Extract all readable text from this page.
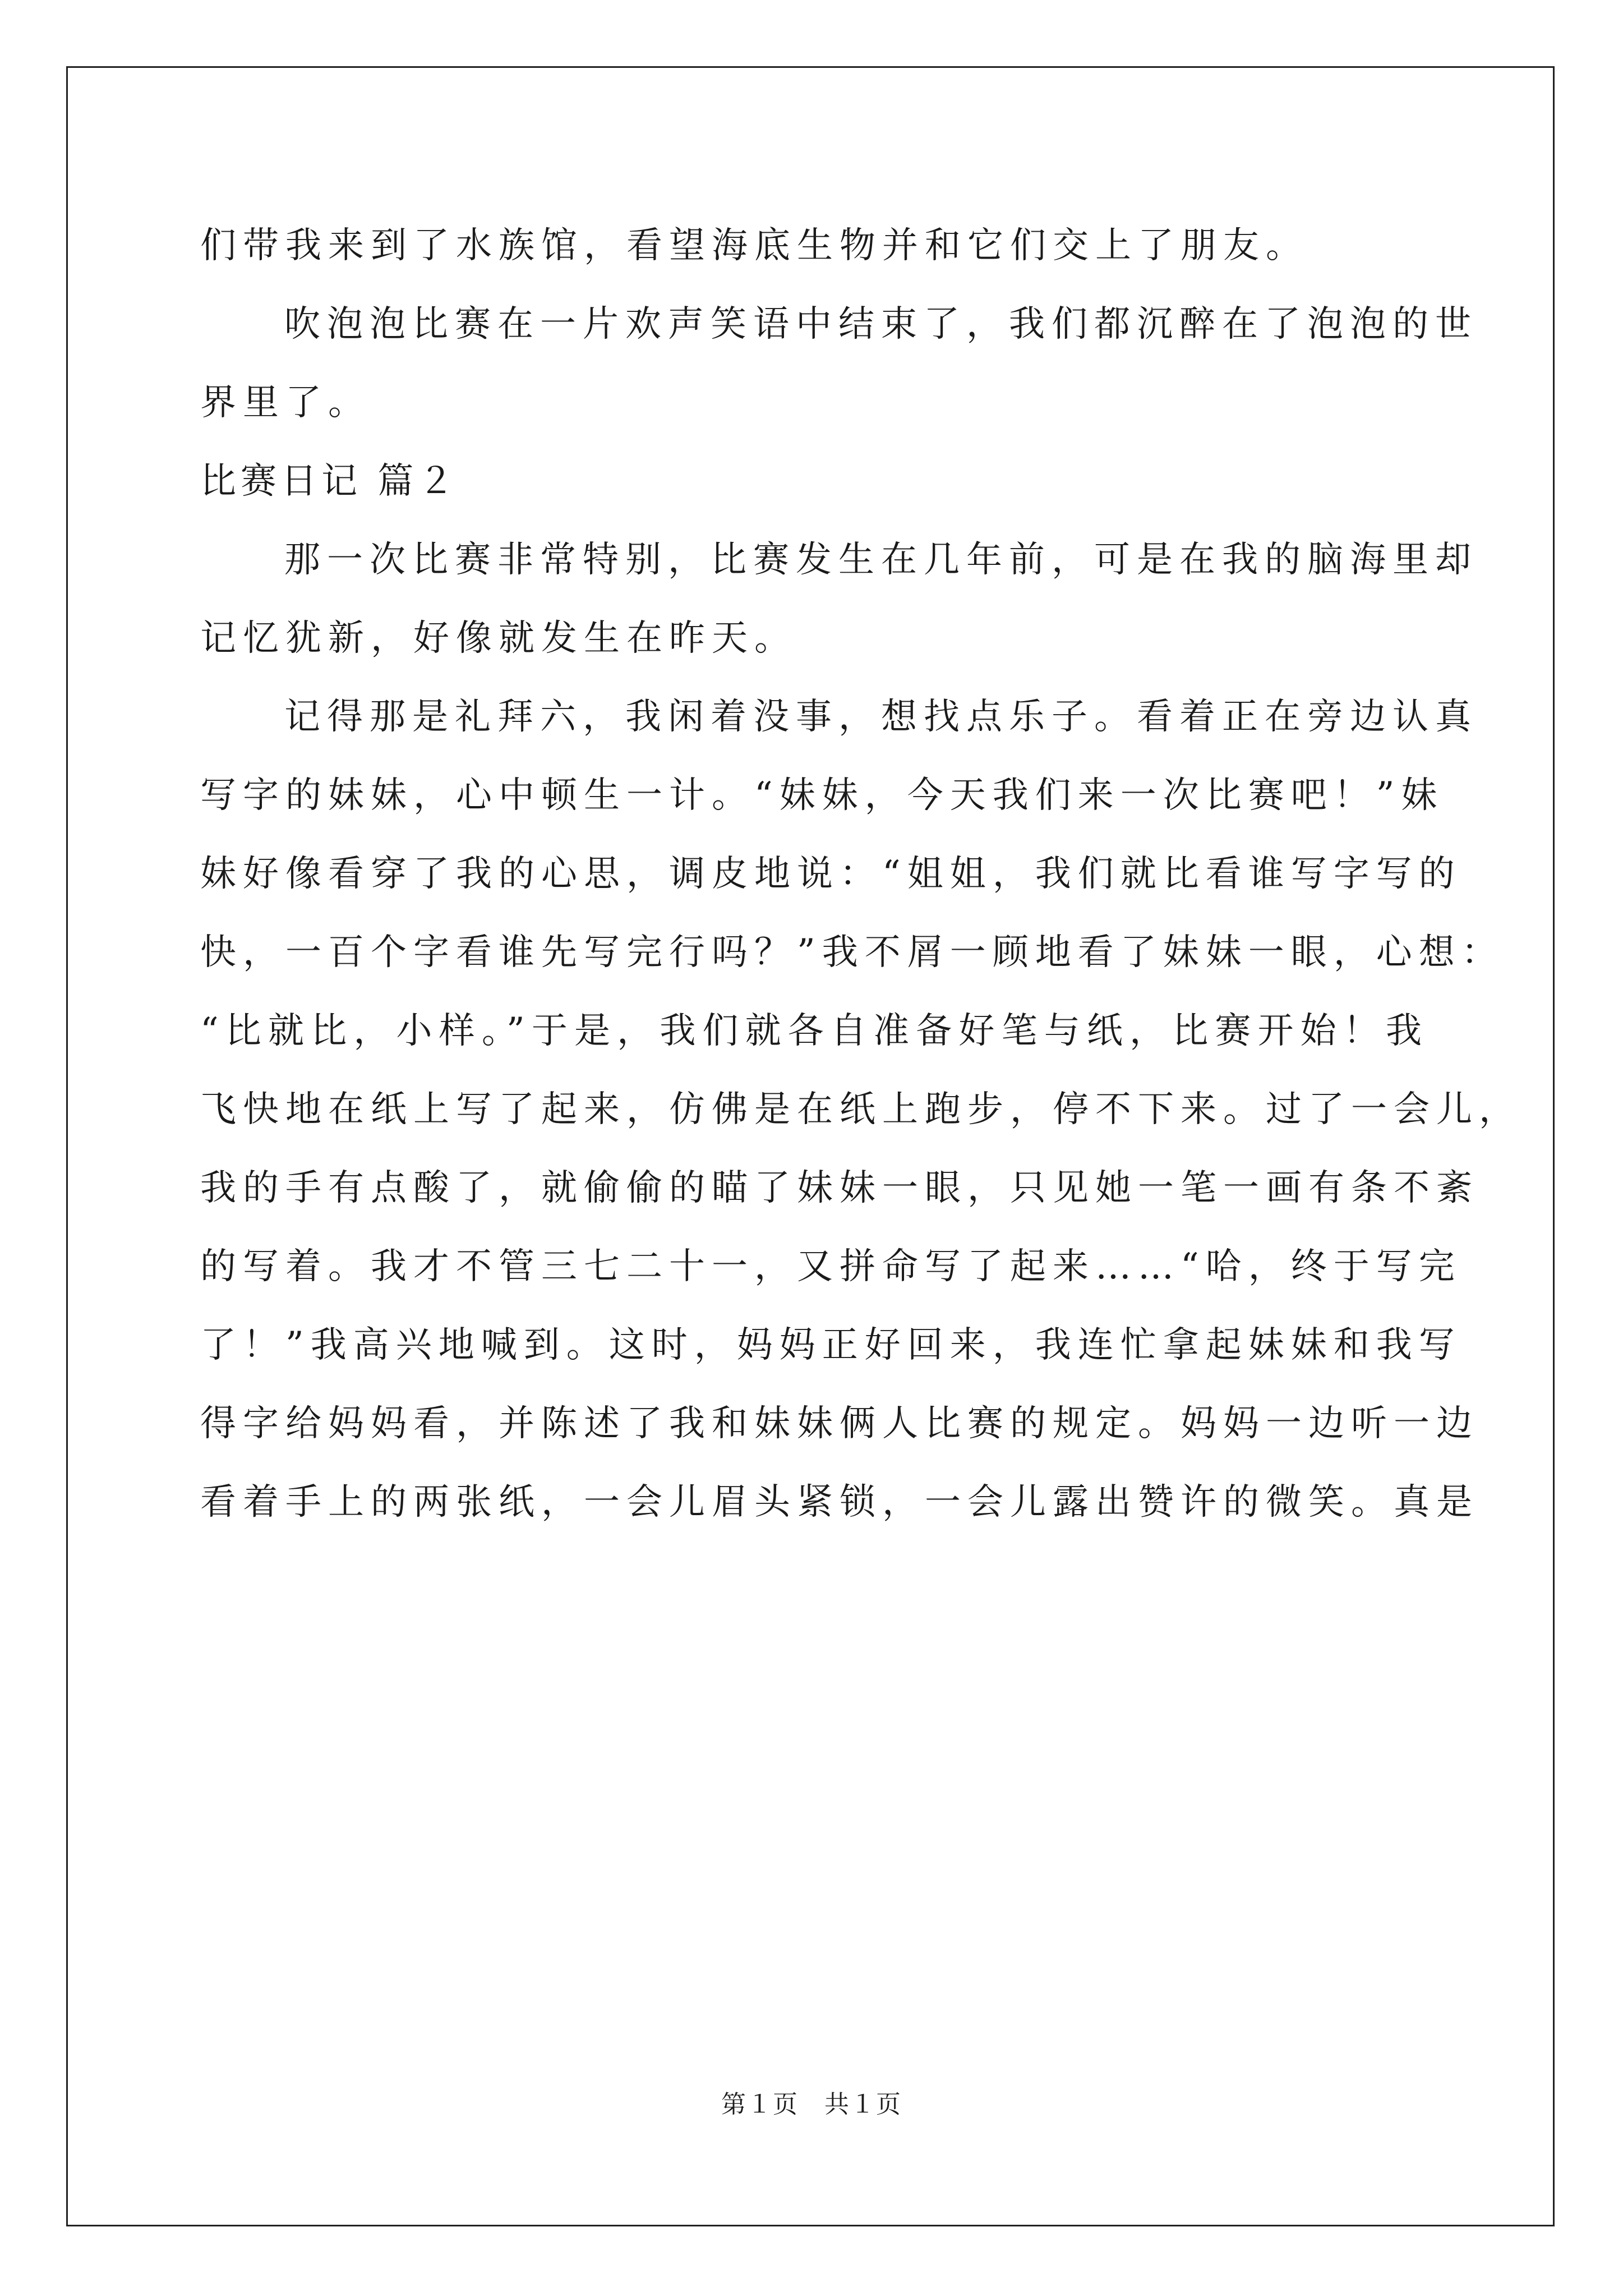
们带我来到了水族馆，看望海底生物并和它们交上了朋友。
吹泡泡比赛在一片欢声笑语中结束了，我们都沉醉在了泡泡的世
界里了。
比赛日记 篇２
那一次比赛非常特别，比赛发生在几年前，可是在我的脑海里却
记忆犹新，好像就发生在昨天。
记得那是礼拜六，我闲着没事，想找点乐子。看着正在旁边认真
写字的妹妹，心中顿生一计。“妹妹，今天我们来一次比赛吧！”妹
妹好像看穿了我的心思，调皮地说：“姐姐，我们就比看谁写字写的
快，一百个字看谁先写完行吗？”我不屑一顾地看了妹妹一眼，心想：
“比就比，小样。”于是，我们就各自准备好笔与纸，比赛开始！我
飞快地在纸上写了起来，仿佛是在纸上跑步，停不下来。过了一会儿，
我的手有点酸了，就偷偷的瞄了妹妹一眼，只见她一笔一画有条不紊
的写着。我才不管三七二十一，又拼命写了起来……“哈，终于写完
了！”我高兴地喊到。这时，妈妈正好回来，我连忙拿起妹妹和我写
得字给妈妈看，并陈述了我和妹妹俩人比赛的规定。妈妈一边听一边
看着手上的两张纸，一会儿眉头紧锁，一会儿露出赞许的微笑。真是
第１页　共１页
